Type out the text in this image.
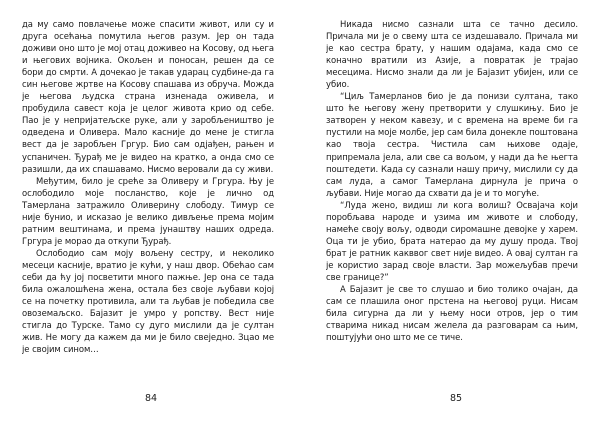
да му само повлачење може спасити живот, или су и друга осећања помутила његов разум. Јер он тада доживи оно што је мој отац доживео на Косову, од њега и његових војника. Окољен и поносан, решен да се бори до смрти. А дочекао је такав ударац судбине-да га син његове жртве на Косову спашава из обруча. Можда је његова људска страна изненада оживела, и пробудила савест која је целог живота крио од себе. Пао је у непријатељске руке, али у заробљеништво је одведена и Оливера. Мало касније до мене је стигла вест да је заробљен Гргур. Био сам одјађен, рањен и успаничен. Ђурађ ме је видео на кратко, а онда смо се разишли, да их спашавамо. Нисмо веровали да су живи.

Међутим, било је среће за Оливеру и Гргура. Њу је ослободило моје посланство, које је лично од Тамерлана затражило Оливерину слободу. Тимур се није буниo, и исказао је велико дивљење према мојим ратним вештинама, и према јунаштву наших одреда. Гргура је морао да откупи Ђурађ.

Ослободио сам моју вољену сестру, и неколико месеци касније, вратио је кући, у наш двор. Обећао сам себи да ћу јој посветити много пажње. Јер она се тада била ожалошћена жена, остала без своје љубави којој се на почетку противила, али та љубав је победила све овоземаљско. Бајазит је умро у ропству. Вест није стигла до Турске. Тамо су дуго мислили да је султан жив. Не могу да кажем да ми је било свеједно. Зцао ме је својим сином…

84

Никада нисмо сазнали шта се тачно десило. Причала ми је о свему шта се издешавало. Причала ми је као сестра брату, у нашим одајама, када смо се коначно вратили из Азије, а повратак је трајао месецима. Нисмо знали да ли је Бајазит убијен, или се убио.

“Циљ Тамерланов био је да понизи султана, тако што ће његову жену претворити у слушкињу. Био је затворен у неком кавезу, и с временa на време би га пустили на моје молбе, јер сам била донекле поштована као твоја сестра. Чистила сам њихове одаје, припремала јела, али све са вољом, у нади да ће његта поштедети. Када су сазнали нашу причу, мислили су да сам луда, а самог Тамерлана дирнула је прича о љубави. Није могао да схвати да је и то могуће.

“Луда жено, видиш ли кога волиш? Освајача који поробљава народе и узима им животе и слободу, намеће своју вољу, одводи сиромашне девојке у харем. Оца ти је убио, брата натерао да му душу прода. Твој брат је ратник какввог свет није видео. А овај султан га је користио зарад своје власти. Зар можељубав пречи све границе?”

А Бајазит је све то слушао и био толико очајан, да сам се плашила оног прстена на његовој руци. Нисам била сигурна да ли у њему носи отров, јер о тим стварима никад нисам желела да разговарам са њим, поштујући оно што ме се тиче.

85
